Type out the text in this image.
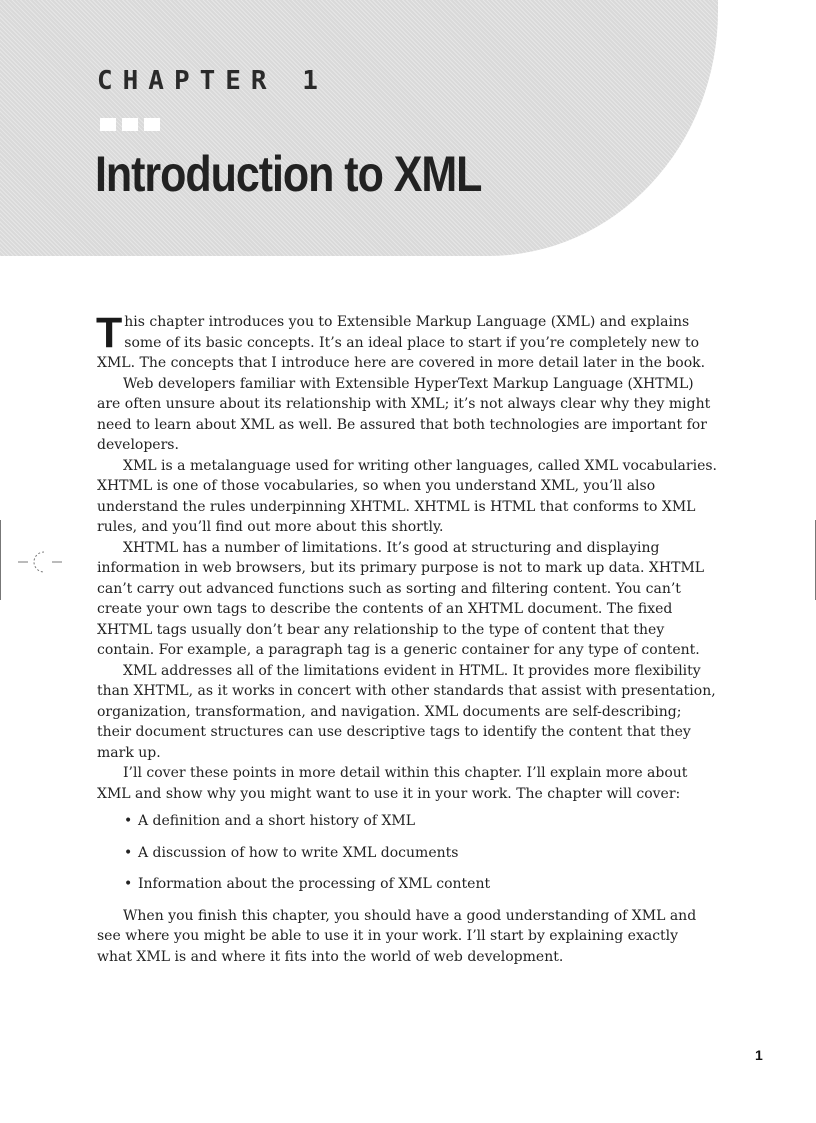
CHAPTER 1
Introduction to XML

This chapter introduces you to Extensible Markup Language (XML) and explains some of its basic concepts. It’s an ideal place to start if you’re completely new to XML. The concepts that I introduce here are covered in more detail later in the book.

Web developers familiar with Extensible HyperText Markup Language (XHTML) are often unsure about its relationship with XML; it’s not always clear why they might need to learn about XML as well. Be assured that both technologies are important for developers.

XML is a metalanguage used for writing other languages, called XML vocabularies. XHTML is one of those vocabularies, so when you understand XML, you’ll also understand the rules underpinning XHTML. XHTML is HTML that conforms to XML rules, and you’ll find out more about this shortly.

XHTML has a number of limitations. It’s good at structuring and displaying information in web browsers, but its primary purpose is not to mark up data. XHTML can’t carry out advanced functions such as sorting and filtering content. You can’t create your own tags to describe the contents of an XHTML document. The fixed XHTML tags usually don’t bear any relationship to the type of content that they contain. For example, a paragraph tag is a generic container for any type of content.

XML addresses all of the limitations evident in HTML. It provides more flexibility than XHTML, as it works in concert with other standards that assist with presentation, organization, transformation, and navigation. XML documents are self-describing; their document structures can use descriptive tags to identify the content that they mark up.

I’ll cover these points in more detail within this chapter. I’ll explain more about XML and show why you might want to use it in your work. The chapter will cover:

• A definition and a short history of XML
• A discussion of how to write XML documents
• Information about the processing of XML content

When you finish this chapter, you should have a good understanding of XML and see where you might be able to use it in your work. I’ll start by explaining exactly what XML is and where it fits into the world of web development.

1
